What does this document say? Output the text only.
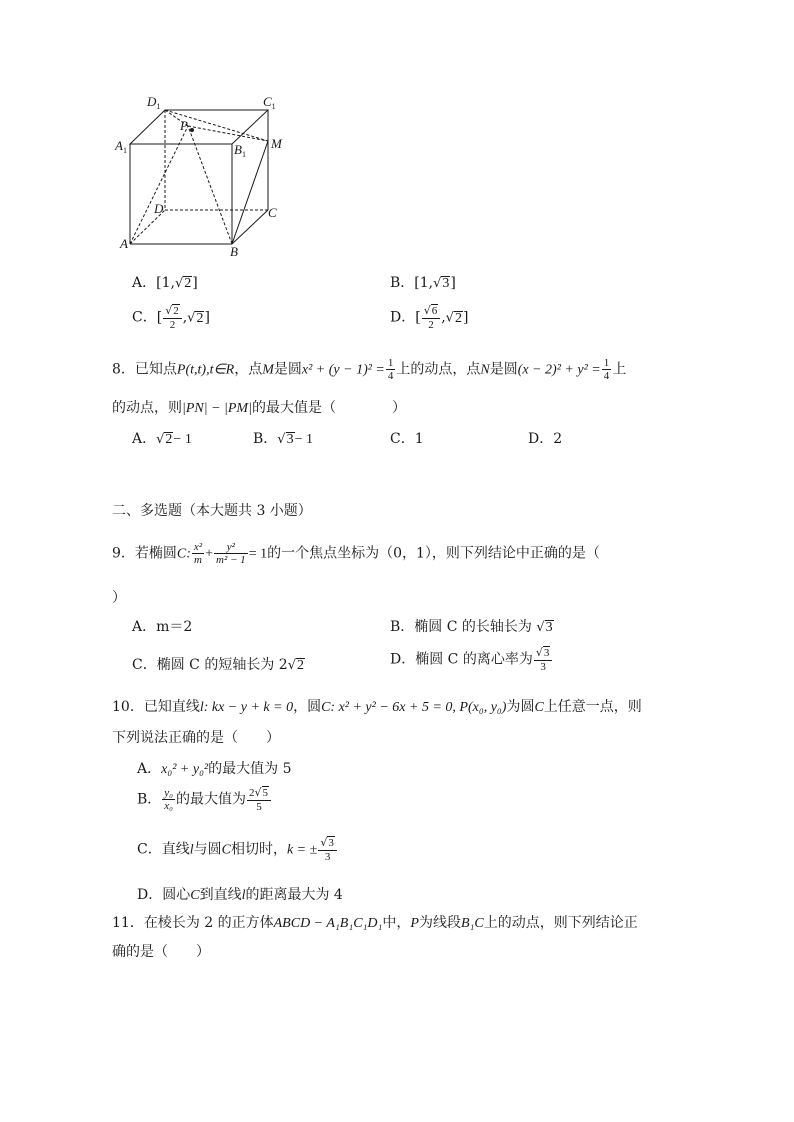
$D_1$	$C_1$
$A_1$	$B_1$
P
M
D	C
A
B
A．[1,√2]	B．[1,√3]
C．[ $\frac{√2}{2} ,√2$]	D．[ $\frac{√6}{2} ,√2$]
8．已知点P(t,t),t∈R，点M是圆$x^2 + (y - 1)^2 = \frac{1}{4}$ 上的动点，点N是圆$(x - 2)^2 + y^2 = \frac{1}{4}$ 上
的动点，则|PN| − |PM|的最大值是（　　　　）
A．√2− 1	B．√3− 1	C．1	D．2
二、多选题（本大题共 3 小题）
9．若椭圆C: $\frac{\text{x²}}{m} + \frac{\text{y²}}{\text{m² − 1}} = 1$的一个焦点坐标为（0，1），则下列结论中正确的是（
）
A．m＝2	B．椭圆 C 的长轴长为 √3
C．椭圆 C 的短轴长为 2√2	D．椭圆 C 的离心率为 $\frac{√3}{3}$
10．已知直线l: kx − y + k = 0，圆C: x² + y² − 6x + 5 = 0, P(x₀, y₀)为圆C上任意一点，则
下列说法正确的是（　　）
A．x₀² + y₀²的最大值为 5
B． $\frac{\text{y₀}}{\text{x₀}}$ 的最大值为 $\frac{2√5}{5}$
C．直线l与圆C相切时，k = ± $\frac{√3}{3}$
D．圆心C到直线l的距离最大为 4
11．在棱长为 2 的正方体ABCD − A₁B₁C₁D₁中，P为线段B₁C上的动点，则下列结论正
确的是（　　）
